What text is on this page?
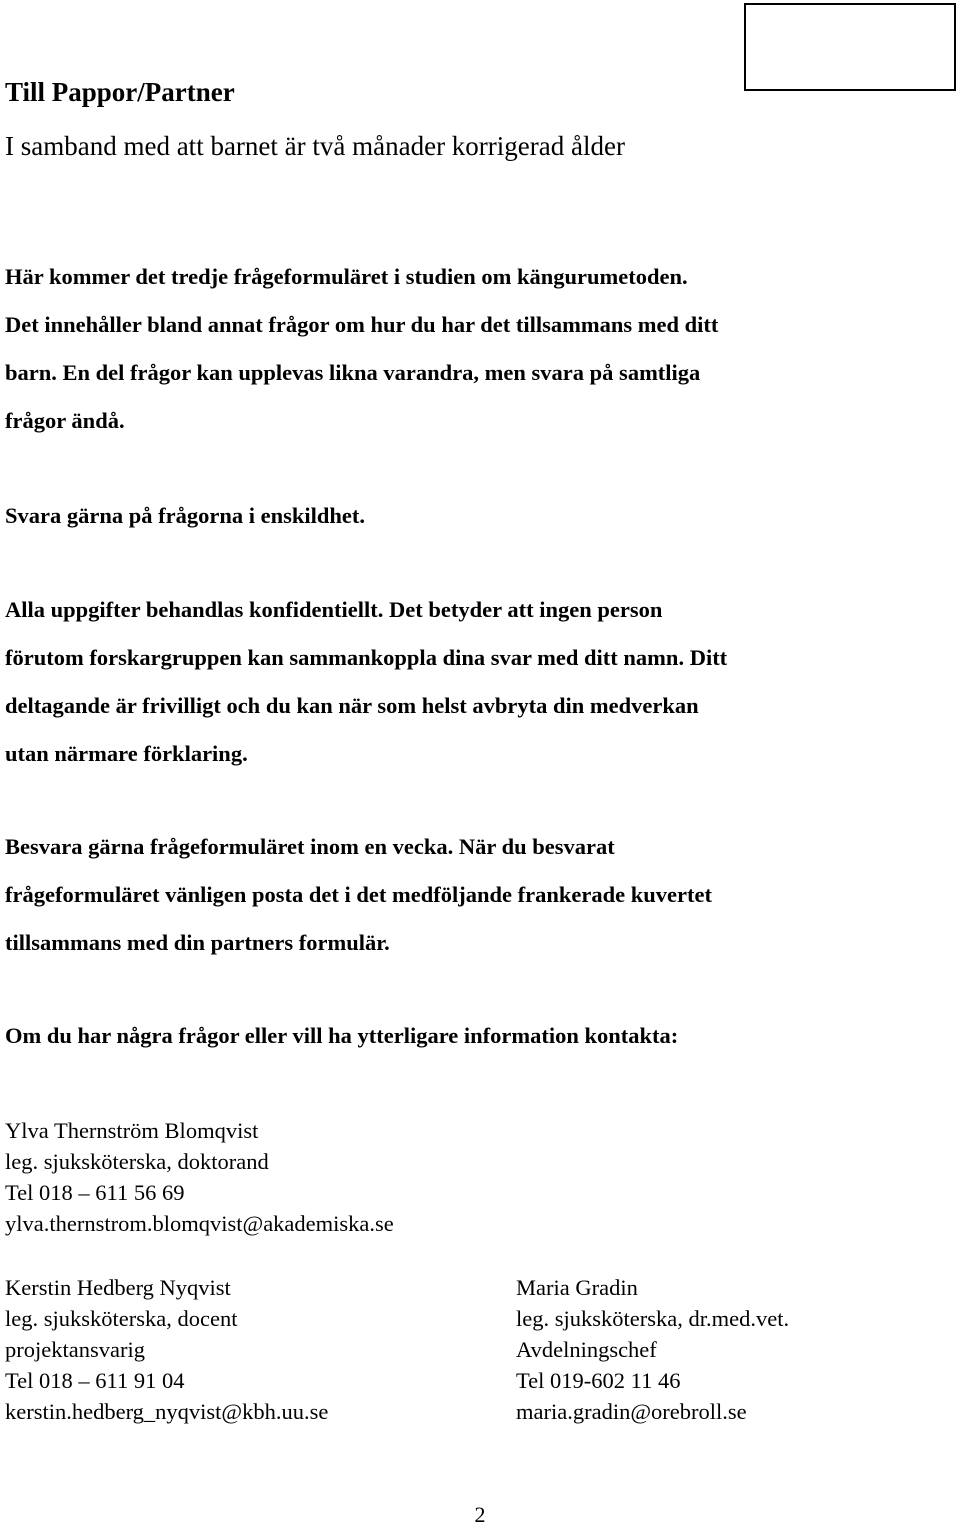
Till Pappor/Partner
I samband med att barnet är två månader korrigerad ålder
Här kommer det tredje frågeformuläret i studien om kängurumetoden.
Det innehåller bland annat frågor om hur du har det tillsammans med ditt
barn. En del frågor kan upplevas likna varandra, men svara på samtliga
frågor ändå.
Svara gärna på frågorna i enskildhet.
Alla uppgifter behandlas konfidentiellt. Det betyder att ingen person
förutom forskargruppen kan sammankoppla dina svar med ditt namn. Ditt
deltagande är frivilligt och du kan när som helst avbryta din medverkan
utan närmare förklaring.
Besvara gärna frågeformuläret inom en vecka. När du besvarat
frågeformuläret vänligen posta det i det medföljande frankerade kuvertet
tillsammans med din partners formulär.
Om du har några frågor eller vill ha ytterligare information kontakta:
Ylva Thernström Blomqvist
leg. sjuksköterska, doktorand
Tel 018 – 611 56 69
ylva.thernstrom.blomqvist@akademiska.se
Kerstin Hedberg Nyqvist
leg. sjuksköterska, docent
projektansvarig
Tel 018 – 611 91 04
kerstin.hedberg_nyqvist@kbh.uu.se
Maria Gradin
leg. sjuksköterska, dr.med.vet.
Avdelningschef
Tel 019-602 11 46
maria.gradin@orebroll.se
2
